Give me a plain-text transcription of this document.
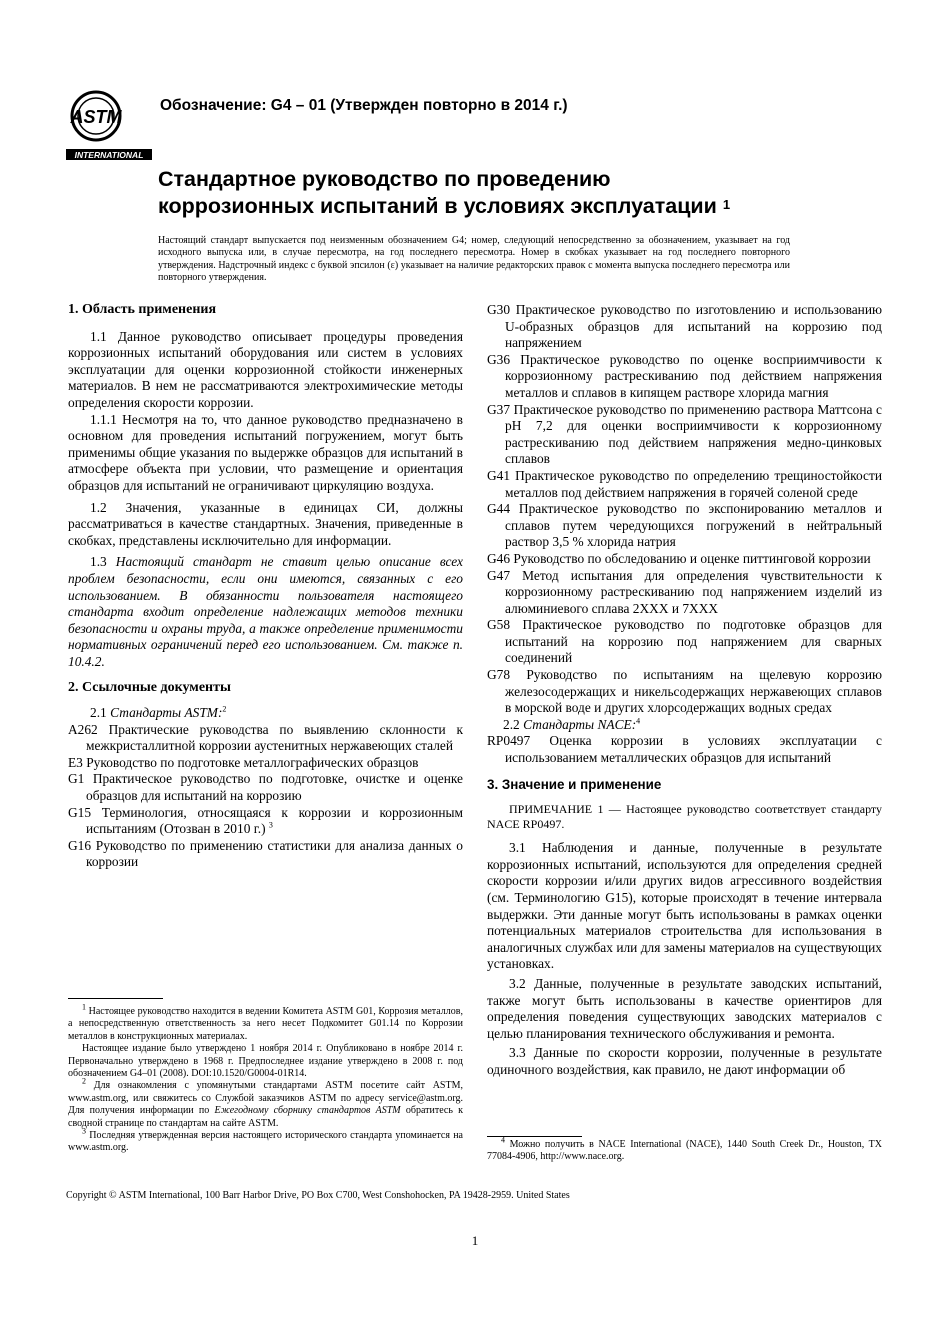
ASTM
INTERNATIONAL
Обозначение: G4 – 01 (Утвержден повторно в 2014 г.)
Стандартное руководство по проведению
коррозионных испытаний в условиях эксплуатации $^1$
Настоящий стандарт выпускается под неизменным обозначением G4; номер, следующий непосредственно за обозначением, указывает на год исходного выпуска или, в случае пересмотра, на год последнего пересмотра. Номер в скобках указывает на год последнего повторного утверждения. Надстрочный индекс с буквой эпсилон (ε) указывает на наличие редакторских правок с момента выпуска последнего пересмотра или повторного утверждения.

1. Область применения

1.1 Данное руководство описывает процедуры проведения коррозионных испытаний оборудования или систем в условиях эксплуатации для оценки коррозионной стойкости инженерных материалов. В нем не рассматриваются электрохимические методы определения скорости коррозии.

1.1.1 Несмотря на то, что данное руководство предназначено в основном для проведения испытаний погружением, могут быть применимы общие указания по выдержке образцов для испытаний в атмосфере объекта при условии, что размещение и ориентация образцов для испытаний не ограничивают циркуляцию воздуха.

1.2 Значения, указанные в единицах СИ, должны рассматриваться в качестве стандартных. Значения, приведенные в скобках, представлены исключительно для информации.

1.3 Настоящий стандарт не ставит целью описание всех проблем безопасности, если они имеются, связанных с его использованием. В обязанности пользователя настоящего стандарта входит определение надлежащих методов техники безопасности и охраны труда, а также определение применимости нормативных ограничений перед его использованием. См. также п. 10.4.2.

2. Ссылочные документы

2.1 Стандарты ASTM:$^2$

A262 Практические руководства по выявлению склонности к межкристаллитной коррозии аустенитных нержавеющих сталей

E3 Руководство по подготовке металлографических образцов

G1 Практическое руководство по подготовке, очистке и оценке образцов для испытаний на коррозию

G15 Терминология, относящаяся к коррозии и коррозионным испытаниям (Отозван в 2010 г.) $^3$

G16 Руководство по применению статистики для анализа данных о коррозии

$^1$ Настоящее руководство находится в ведении Комитета ASTM G01, Коррозия металлов, а непосредственную ответственность за него несет Подкомитет G01.14 по Коррозии металлов в конструкционных материалах.

Настоящее издание было утверждено 1 ноября 2014 г. Опубликовано в ноябре 2014 г. Первоначально утверждено в 1968 г. Предпоследнее издание утверждено в 2008 г. под обозначением G4–01 (2008). DOI:10.1520/G0004-01R14.

$^2$ Для ознакомления с упомянутыми стандартами ASTM посетите сайт ASTM, www.astm.org, или свяжитесь со Службой заказчиков ASTM по адресу service@astm.org. Для получения информации по Ежегодному сборнику стандартов ASTM обратитесь к сводной странице по стандартам на сайте ASTM.

$^3$ Последняя утвержденная версия настоящего исторического стандарта упоминается на www.astm.org.

G30 Практическое руководство по изготовлению и использованию U-образных образцов для испытаний на коррозию под напряжением

G36 Практическое руководство по оценке восприимчивости к коррозионному растрескиванию под действием напряжения металлов и сплавов в кипящем растворе хлорида магния

G37 Практическое руководство по применению раствора Маттсона с pH 7,2 для оценки восприимчивости к коррозионному растрескиванию под действием напряжения медно-цинковых сплавов

G41 Практическое руководство по определению трещиностойкости металлов под действием напряжения в горячей соленой среде

G44 Практическое руководство по экспонированию металлов и сплавов путем чередующихся погружений в нейтральный раствор 3,5 % хлорида натрия

G46 Руководство по обследованию и оценке питтинговой коррозии

G47 Метод испытания для определения чувствительности к коррозионному растрескиванию под напряжением изделий из алюминиевого сплава 2XXX и 7XXX

G58 Практическое руководство по подготовке образцов для испытаний на коррозию под напряжением для сварных соединений

G78 Руководство по испытаниям на щелевую коррозию железосодержащих и никельсодержащих нержавеющих сплавов в морской воде и других хлорсодержащих водных средах

2.2 Стандарты NACE:$^4$

RP0497 Оценка коррозии в условиях эксплуатации с использованием металлических образцов для испытаний

3. Значение и применение

ПРИМЕЧАНИЕ 1 — Настоящее руководство соответствует стандарту NACE RP0497.

3.1 Наблюдения и данные, полученные в результате коррозионных испытаний, используются для определения средней скорости коррозии и/или других видов агрессивного воздействия (см. Терминологию G15), которые происходят в течение интервала выдержки. Эти данные могут быть использованы в рамках оценки потенциальных материалов строительства для использования в аналогичных службах или для замены материалов на существующих установках.

3.2 Данные, полученные в результате заводских испытаний, также могут быть использованы в качестве ориентиров для определения поведения существующих заводских материалов с целью планирования технического обслуживания и ремонта.

3.3 Данные по скорости коррозии, полученные в результате одиночного воздействия, как правило, не дают информации об

$^4$ Можно получить в NACE International (NACE), 1440 South Creek Dr., Houston, TX 77084-4906, http://www.nace.org.

Copyright © ASTM International, 100 Barr Harbor Drive, PO Box C700, West Conshohocken, PA 19428-2959. United States
1
